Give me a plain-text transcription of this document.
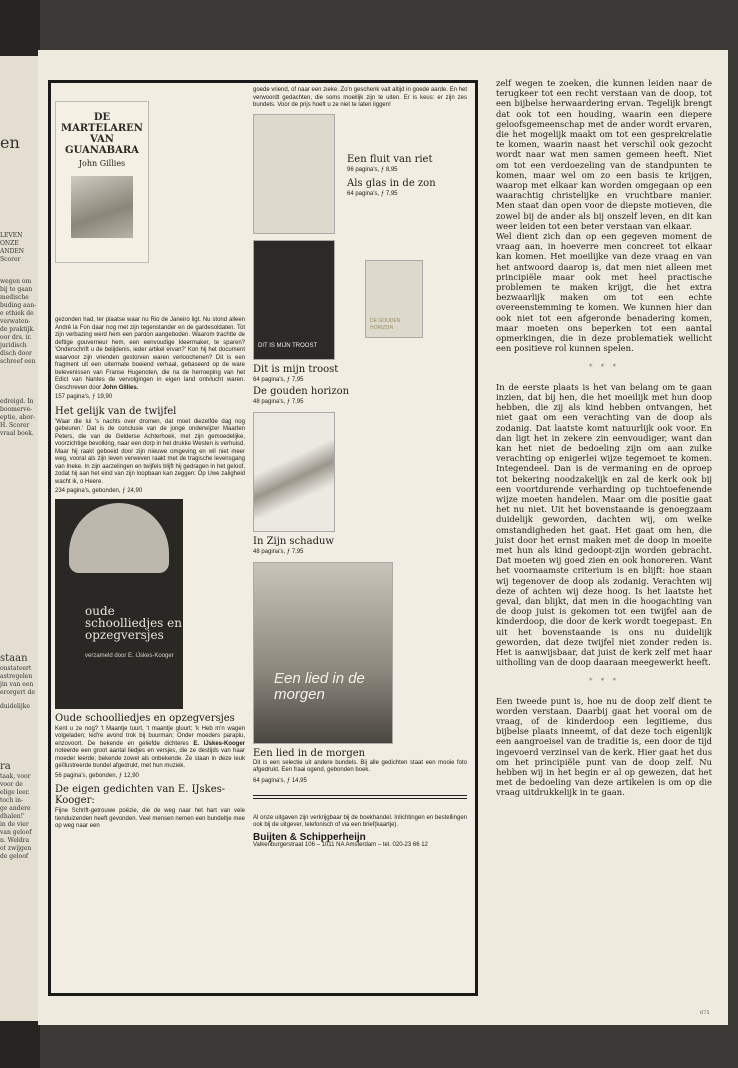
en
LEVEN
ONZE
ANDEN
Scorer
wegen om
bij te gaan
medische
buding aan-
e ethiek de
verwaten-
de praktijk.
oor drs. ir.
juridisch
disch door
schreef een
edreigd. In
boomerve-
eptie, abor-
H. Scorer
vraal boek.
staan
onstateert
astregelen
jin van een
erorgert de
duidelijke
ra
taak, voor
voor de
elige leer.
toch in-
ge andere
dhalen!'
in de vier
van geloof
n. Weldra
ot zwijgen
de geloof
DE MARTELAREN
VAN
GUANABARA
John Gillies

gezonden had, ter plaatse waar nu Rio de Janeiro ligt. Nu stond alleen André la Fon daar nog met zijn tegenstander en de gardesoldaten. Tot zijn verbazing werd hem een pardon aangeboden. Waarom trachtte de deftige gouverneur hem, een eenvoudige kleermaker, te sparen? 'Onderschrift u de belijdenis, ieder artikel ervan?' Kon hij het document waarvoor zijn vrienden gestorven waren verloochenen? Dit is een fragment uit een uitermate boeiend verhaal, gebaseerd op de ware belevenissen van Franse Hugenoten, die na de herroeping van het Edict van Nantes de vervolgingen in eigen land ontvlucht waren. Geschreven door John Gillies.

157 pagina's, ƒ 19,90
Het gelijk van de twijfel

'Waar die lui 's nachts over dromen, dat moet diezelfde dag nog gebeuren.' Dat is de conclusie van de jonge onderwijzer Maarten Peters, die van de Gelderse Achterhoek, met zijn gemoedelijke, voorzichtige bevolking, naar een dorp in het drukke Westen is verhuisd. Maar hij raakt geboeid door zijn nieuwe omgeving en wil niet meer weg, vooral als zijn leven verweven raakt met de tragische levensgang van Ineke. In zijn aarzelingen en twijfels blijft hij gedragen in het geloof, zodat hij aan het eind van zijn loopbaan kan zeggen: Op Uwe zaligheid wacht ik, o Heere.

234 pagina's, gebonden, ƒ 24,90
oude schoolliedjes en opzegversjes
verzameld door E. IJskes-Kooger
Oude schoolliedjes en opzegversjes

Kent u ze nog? 't Maantje tuurt, 't maantje gluurt; 'k Heb m'n wagen volgeladen; led're avond trok bij buurman; Onder moeders paraplu, enzovoort. De bekende en geliefde dichteres E. IJskes-Kooger noteerde een groot aantal liedjes en versjes, die ze destijds van haar moeder leerde; bekende zowel als onbekende. Ze staan in deze leuk geïllustreerde bundel afgedrukt, met hun muziek.

56 pagina's, gebonden, ƒ 12,90
De eigen gedichten van E. IJskes-Kooger:

Fijne Schrift-getrouwe poëzie, die de weg naar het hart van vele tienduizenden heeft gevonden. Veel mensen nemen een bundeltje mee op weg naar een

goede vriend, of naar een zieke. Zo'n geschenk valt altijd in goede aarde. En het verwoordt gedachten, die soms moeilijk zijn te uiten. Er is keus: er zijn zes bundels. Voor de prijs hoeft u ze niet te laten liggen!

Een fluit van riet
96 pagina's, ƒ 8,95
Als glas in de zon
64 pagina's, ƒ 7,95
DIT IS MIJN TROOST
DE GOUDEN HORIZON
Dit is mijn troost
64 pagina's, ƒ 7,95
De gouden horizon
48 pagina's, ƒ 7,95
In Zijn schaduw
48 pagina's, ƒ 7,95
Een lied in de morgen
Een lied in de morgen

Dit is een selectie uit andere bundels. Bij alle gedichten staat een mooie foto afgedrukt. Een fraai ogend, gebonden boek.

64 pagina's, ƒ 14,95

Al onze uitgaven zijn verkrijgbaar bij de boekhandel. Inlichtingen en bestellingen ook bij de uitgever, telefonisch of via een brief(kaartje).

Buijten & Schipperheijn
Valkenburgerstraat 106 – 1011 NA Amsterdam – tel. 020-23 66 12

zelf wegen te zoeken, die kunnen leiden naar de terugkeer tot een recht verstaan van de doop, tot een bijbelse herwaardering ervan. Tegelijk brengt dat ook tot een houding, waarin een diepere geloofsgemeenschap met de ander wordt ervaren, die het mogelijk maakt om tot een gesprekrelatie te komen, waarin naast het verschil ook gezocht wordt naar wat men samen gemeen heeft. Niet om tot een verdoezeling van de standpunten te komen, maar wel om zo een basis te krijgen, waarop met elkaar kan worden omgegaan op een waarachtig christelijke en vruchtbare manier. Men staat dan open voor de diepste motieven, die zowel bij de ander als bij onszelf leven, en dit kan weer leiden tot een beter verstaan van elkaar.

Wel dient zich dan op een gegeven moment de vraag aan, in hoeverre men concreet tot elkaar kan komen. Het moeilijke van deze vraag en van het antwoord daarop is, dat men niet alleen met principiële maar ook met heel practische problemen te maken krijgt, die het extra bezwaarlijk maken om tot een echte overeenstemming te komen. We kunnen hier dan ook niet tot een afgeronde benadering komen, maar moeten ons beperken tot een aantal opmerkingen, die in deze problematiek wellicht een positieve rol kunnen spelen.

* * *

In de eerste plaats is het van belang om te gaan inzien, dat bij hen, die het moeilijk met hun doop hebben, die zij als kind hebben ontvangen, het niet gaat om een verachting van de doop als zodanig. Dat laatste komt natuurlijk ook voor. En dan ligt het in zekere zin eenvoudiger, want dan kan het niet de bedoeling zijn om aan zulke verachting op enigerlei wijze tegemoet te komen. Integendeel. Dan is de vermaning en de oproep tot bekering noodzakelijk en zal de kerk ook bij een voortdurende verharding op tuchtoefenende wijze moeten handelen. Maar om die positie gaat het nu niet. Uit het bovenstaande is genoegzaam duidelijk geworden, dachten wij, om welke omstandigheden het gaat. Het gaat om hen, die juist door het ernst maken met de doop in moeite met hun als kind gedoopt-zijn worden gebracht. Dat moeten wij goed zien en ook honoreren. Want het voornaamste criterium is en blijft: hoe staan wij tegenover de doop als zodanig. Verachten wij deze of achten wij deze hoog. Is het laatste het geval, dan blijkt, dat men in die hoogachting van de doop juist is gekomen tot een twijfel aan de kinderdoop, die door de kerk wordt toegepast. En uit het bovenstaande is ons nu duidelijk geworden, dat deze twijfel niet zonder reden is. Het is aanwijsbaar, dat juist de kerk zelf met haar uitholling van de doop daaraan meegewerkt heeft.

* * *

Een tweede punt is, hoe nu de doop zelf dient te worden verstaan. Daarbij gaat het vooral om de vraag, of de kinderdoop een legitieme, dus bijbelse plaats inneemt, of dat deze toch eigenlijk een aangroeisel van de traditie is, een door de tijd ingevoerd verzinsel van de kerk. Hier gaat het dus om het principiële punt van de doop zelf. Nu hebben wij in het begin er al op gewezen, dat het met de bedoeling van deze artikelen is om op die vraag uitdrukkelijk in te gaan.

675
